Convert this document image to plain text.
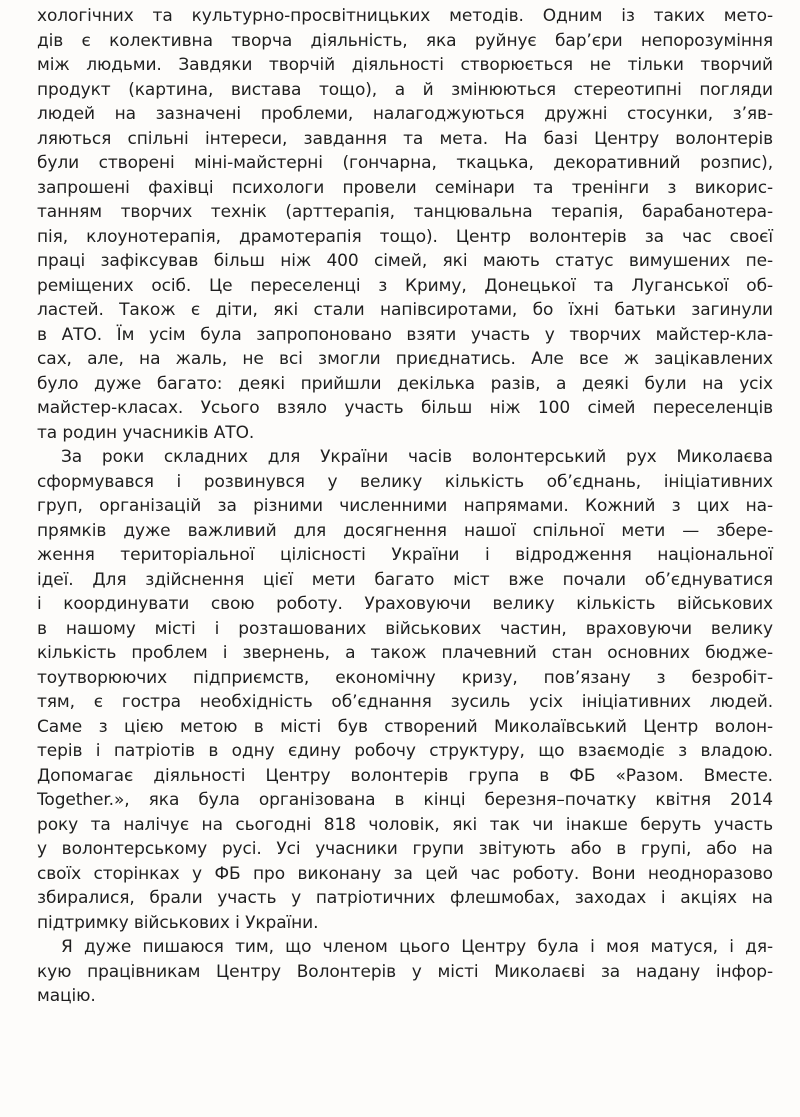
хологічних та культурно-просвітницьких методів. Одним із таких мето-
дів є колективна творча діяльність, яка руйнує бар’єри непорозуміння
між людьми. Завдяки творчій діяльності створюється не тільки творчий
продукт (картина, вистава тощо), а й змінюються стереотипні погляди
людей на зазначені проблеми, налагоджуються дружні стосунки, з’яв-
ляються спільні інтереси, завдання та мета. На базі Центру волонтерів
були створені міні-майстерні (гончарна, ткацька, декоративний розпис),
запрошені фахівці психологи провели семінари та тренінги з викорис-
танням творчих технік (арттерапія, танцювальна терапія, барабанотера-
пія, клоунотерапія, драмотерапія тощо). Центр волонтерів за час своєї
праці зафіксував більш ніж 400 сімей, які мають статус вимушених пе-
реміщених осіб. Це переселенці з Криму, Донецької та Луганської об-
ластей. Також є діти, які стали напівсиротами, бо їхні батьки загинули
в АТО. Їм усім була запропоновано взяти участь у творчих майстер-кла-
сах, але, на жаль, не всі змогли приєднатись. Але все ж зацікавлених
було дуже багато: деякі прийшли декілька разів, а деякі були на усіх
майстер-класах. Усього взяло участь більш ніж 100 сімей переселенців
та родин учасників АТО.
За роки складних для України часів волонтерський рух Миколаєва
сформувався і розвинувся у велику кількість об’єднань, ініціативних
груп, організацій за різними численними напрямами. Кожний з цих на-
прямків дуже важливий для досягнення нашої спільної мети — збере-
ження територіальної цілісності України і відродження національної
ідеї. Для здійснення цієї мети багато міст вже почали об’єднуватися
і координувати свою роботу. Ураховуючи велику кількість військових
в нашому місті і розташованих військових частин, враховуючи велику
кількість проблем і звернень, а також плачевний стан основних бюдже-
тоутворюючих підприємств, економічну кризу, пов’язану з безробіт-
тям, є гостра необхідність об’єднання зусиль усіх ініціативних людей.
Саме з цією метою в місті був створений Миколаївський Центр волон-
терів і патріотів в одну єдину робочу структуру, що взаємодіє з владою.
Допомагає діяльності Центру волонтерів група в ФБ «Разом. Вместе.
Together.», яка була організована в кінці березня–початку квітня 2014
року та налічує на сьогодні 818 чоловік, які так чи інакше беруть участь
у волонтерському русі. Усі учасники групи звітують або в групі, або на
своїх сторінках у ФБ про виконану за цей час роботу. Вони неодноразово
збиралися, брали участь у патріотичних флешмобах, заходах і акціях на
підтримку військових і України.
Я дуже пишаюся тим, що членом цього Центру була і моя матуся, і дя-
кую працівникам Центру Волонтерів у місті Миколаєві за надану інфор-
мацію.
